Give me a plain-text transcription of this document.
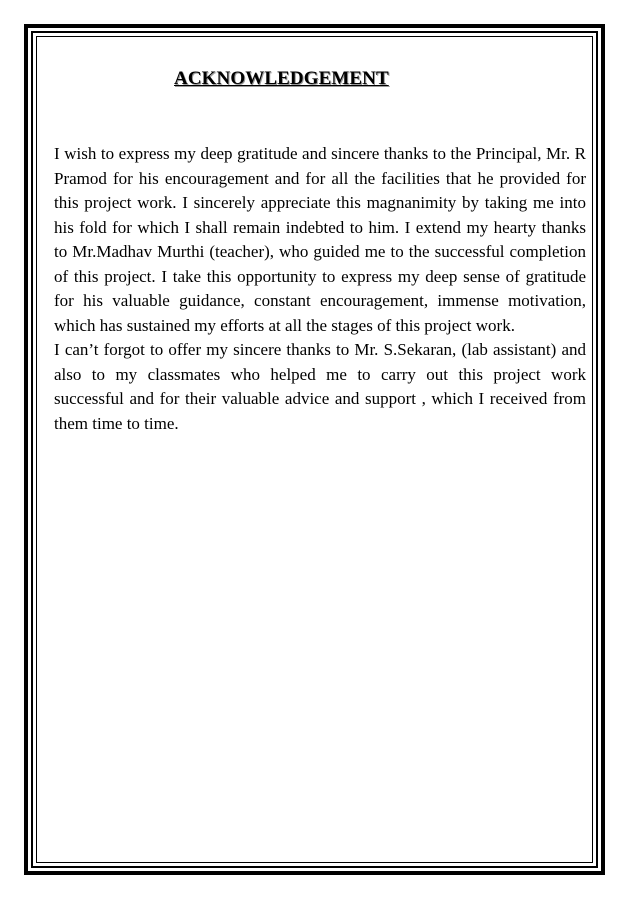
ACKNOWLEDGEMENT

I wish to express my deep gratitude and sincere thanks to the Principal, Mr. R Pramod for his encouragement and for all the facilities that he provided for this project work. I sincerely appreciate this magnanimity by taking me into his fold for which I shall remain indebted to him. I extend my hearty thanks to Mr.Madhav Murthi (teacher), who guided me to the successful completion of this project. I take this opportunity to express my deep sense of gratitude for his valuable guidance, constant encouragement, immense motivation, which has sustained my efforts at all the stages of this project work.

I can’t forgot to offer my sincere thanks to Mr. S.Sekaran, (lab assistant) and also to my classmates who helped me to carry out this project work successful and for their valuable advice and support , which I received from them time to time.
